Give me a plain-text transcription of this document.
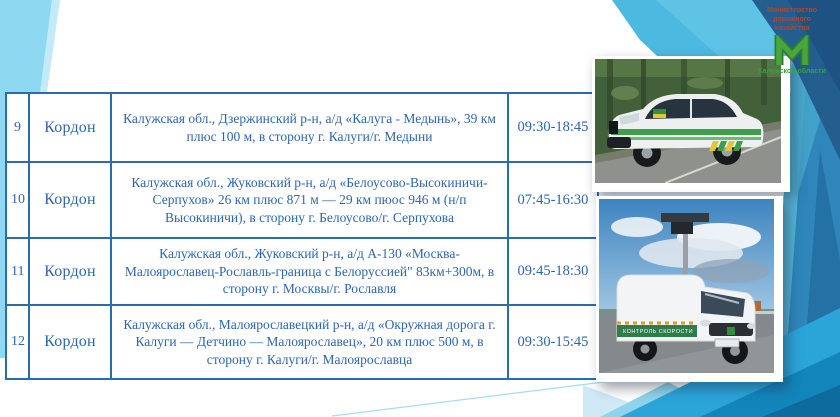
9	Кордон	Калужская обл., Дзержинский р-н, а/д «Калуга - Медынь», 39 км плюс 100 м, в сторону г. Калуги/г. Медыни	09:30-18:45
10	Кордон	Калужская обл., Жуковский р-н, а/д «Белоусово-Высокиничи- Серпухов» 26 км плюс 871 м — 29 км пюос 946 м (н/п Высокиничи), в сторону г. Белоусово/г. Серпухова	07:45-16:30
11	Кордон	Калужская обл., Жуковский р-н, а/д А-130 «Москва-Малоярославец-Рославль-граница с Белоруссией" 83км+300м, в сторону г. Москвы/г. Рославля	09:45-18:30
12	Кордон	Калужская обл., Малоярославецкий р-н, а/д «Окружная дорога г. Калуги — Детчино — Малоярославец», 20 км плюс 500 м, в сторону г. Калуги/г. Малоярославца	09:30-15:45
КОНТРОЛЬ СКОРОСТИ
Министерство дорожного хозяйства
Калужской области
